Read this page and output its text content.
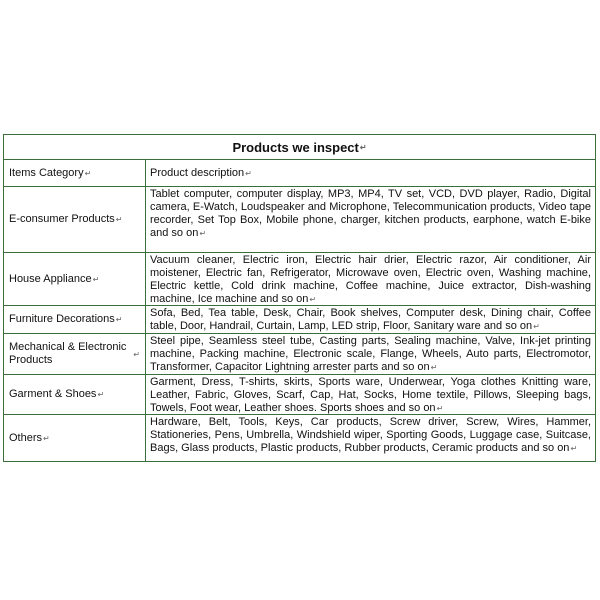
Products we inspect ↵
Items Category ↵	Product description ↵
E-consumer Products ↵
Tablet computer, computer display, MP3, MP4, TV set, VCD, DVD player, Radio, Digital camera, E-Watch, Loudspeaker and Microphone, Telecommunication products, Video tape recorder, Set Top Box, Mobile phone, charger, kitchen products, earphone, watch E-bike and so on↵
House Appliance ↵
Vacuum cleaner, Electric iron, Electric hair drier, Electric razor, Air conditioner, Air moistener, Electric fan, Refrigerator, Microwave oven, Electric oven, Washing machine, Electric kettle, Cold drink machine, Coffee machine, Juice extractor, Dish-washing machine, Ice machine and so on↵
Furniture Decorations ↵
Sofa, Bed, Tea table, Desk, Chair, Book shelves, Computer desk, Dining chair, Coffee table, Door, Handrail, Curtain, Lamp, LED strip, Floor, Sanitary ware and so on↵
Mechanical & Electronic Products	↵
Steel pipe, Seamless steel tube, Casting parts, Sealing machine, Valve, Ink-jet printing machine, Packing machine, Electronic scale, Flange, Wheels, Auto parts, Electromotor, Transformer, Capacitor Lightning arrester parts and so on↵
Garment & Shoes ↵
Garment, Dress, T-shirts, skirts, Sports ware, Underwear, Yoga clothes Knitting ware, Leather, Fabric, Gloves, Scarf, Cap, Hat, Socks, Home textile, Pillows, Sleeping bags, Towels, Foot wear, Leather shoes. Sports shoes and so on↵
Others ↵
Hardware, Belt, Tools, Keys, Car products, Screw driver, Screw, Wires, Hammer, Stationeries, Pens, Umbrella, Windshield wiper, Sporting Goods, Luggage case, Suitcase, Bags, Glass products, Plastic products, Rubber products, Ceramic products and so on↵
